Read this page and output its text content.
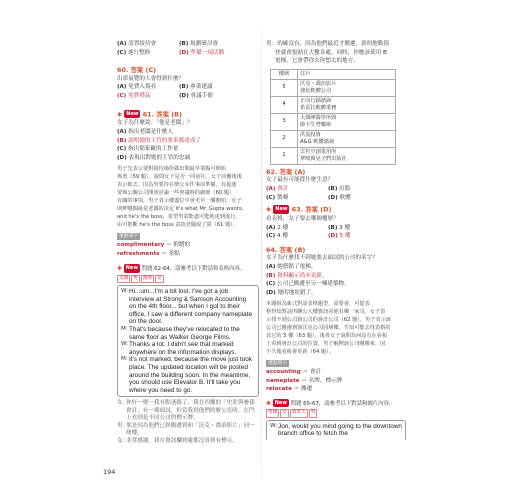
(A) 設置接待會	(B) 規劃研討會
(C) 進行整修	(D) 準備一項活動
60. 答案 (C)
出席展覽的人會得到什麼？
(A) 免費入場券	(B) 專業建議
(C) 免費禮品	(D) 會議手冊
✱ New 61. 答案 (B)
女子為什麼說：「他是老闆」？
(A) 指出老闆是什麼人
(B) 說明她的主管的要求都達成了
(C) 指出那家廠的工作量
(D) 表現出對她的主管的忠誠
男子先表示要對接待場所做出問最早業點可開始
佈置（59 題），說問女子是否一同前往，女子回覆後後
表示她去。因為男要待在辦公室作事前準備，有接連
要與公關公司開會討論一些會議時的細節（60 題）
有關的事項，男子表示樓盡位早會更早一樂開始，女子
則鮮哪個說是老闆的決定 it's what Mr. Gupta wants,
and he's the boss，希望男需能盡可能地達到進行，
由可推斷 he's the boss 意指老闆說了算（61 題）。
重點單字
complimentary ＝ 附贈的
refreshments ＝ 茶點
✱ New 問題 62-64，請參考以下對話和表格內容。
美國 男 澳洲 女
W: Hi...um...I'm a bit lost. I've got a job interview at Strong & Samson Accounting on the 4th floor... but when I got to their office, I saw a different company nameplate on the door.
M: That's because they've relocated to the same floor as Walker George Films.
W: Thanks a lot. I didn't see that marked anywhere on the information displays.
M: It's not marked, because the move just took place. The updated location will be posted around the building soon. In the meantime, you should use Elevator B. It'll take you where you need to go.
女：
你好一嗯一我有點迷路了。我在四樓的「史壯與參孫會計」有一場面試，但當我到他們的辦公室時，在門上看到是不同公司的標示牌。
男：
那是因為他們已經搬遷到和「沃克・喬治影片」同一層樓。
女：
非常感謝。我在資訊欄到處都沒看到有標示。
男：的確沒有，因為他們最近才搬遷，新的地點很
快就會張貼在大樓各處。同時，你應該使用 B
電梯，它會帶你去你想去的地方。
樓層	住戶
5	沃克・喬治影片
強化軟體公司

4	正向行銷諮詢
希雷拉軟體業務

3	大顏峰醫學所與
節卡生營藥庫

2	洪流投資
A&G 軟體諮詢

1	雲杉空創業用所
華鳴與兒子們出版社
62. 答案 (A)
女子最有可能從什麼生意？
(A) 會計	(B) 出版
(C) 製藥	(D) 軟體
✱ New 63. 答案 (D)
看表格，女子要去哪個樓層？
(A) 2 樓	(B) 3 樓
(C) 4 樓	(D) 5 樓
64. 答案 (B)
女子為什麼找不到她要去面試的公司的名字？
(A) 她搭錯了電梯。
(B) 資料顯示尚未更新。
(C) 公司已搬遷至另一棟建築物。
(D) 她的地址錯了。
本題組為新式對話表格題型，需要會，可從表
格得知對話所聊公大樓資訊看地有哪一家司。女子表
示找不到公司新公司的會計公司（62 題），男子表示該
公司已搬遷到與沃克公司同層樓。告知可能去找表格的
其它的 5 樓（63 題），後者女子說問為何沒有在看板
上看到會計公司的位置，男子解釋該公司剛搬來，因
不久後看板會更新（64 題）。
重點單字
accounting ＝ 會計
nameplate ＝ 名牌，標示牌
relocate ＝ 搬遷
✱ New 問題 65-67，請參考以下對話和圖片內容。
英國 女 加拿大 男
W: Jon, would you mind going to the downtown branch office to fetch the
194
